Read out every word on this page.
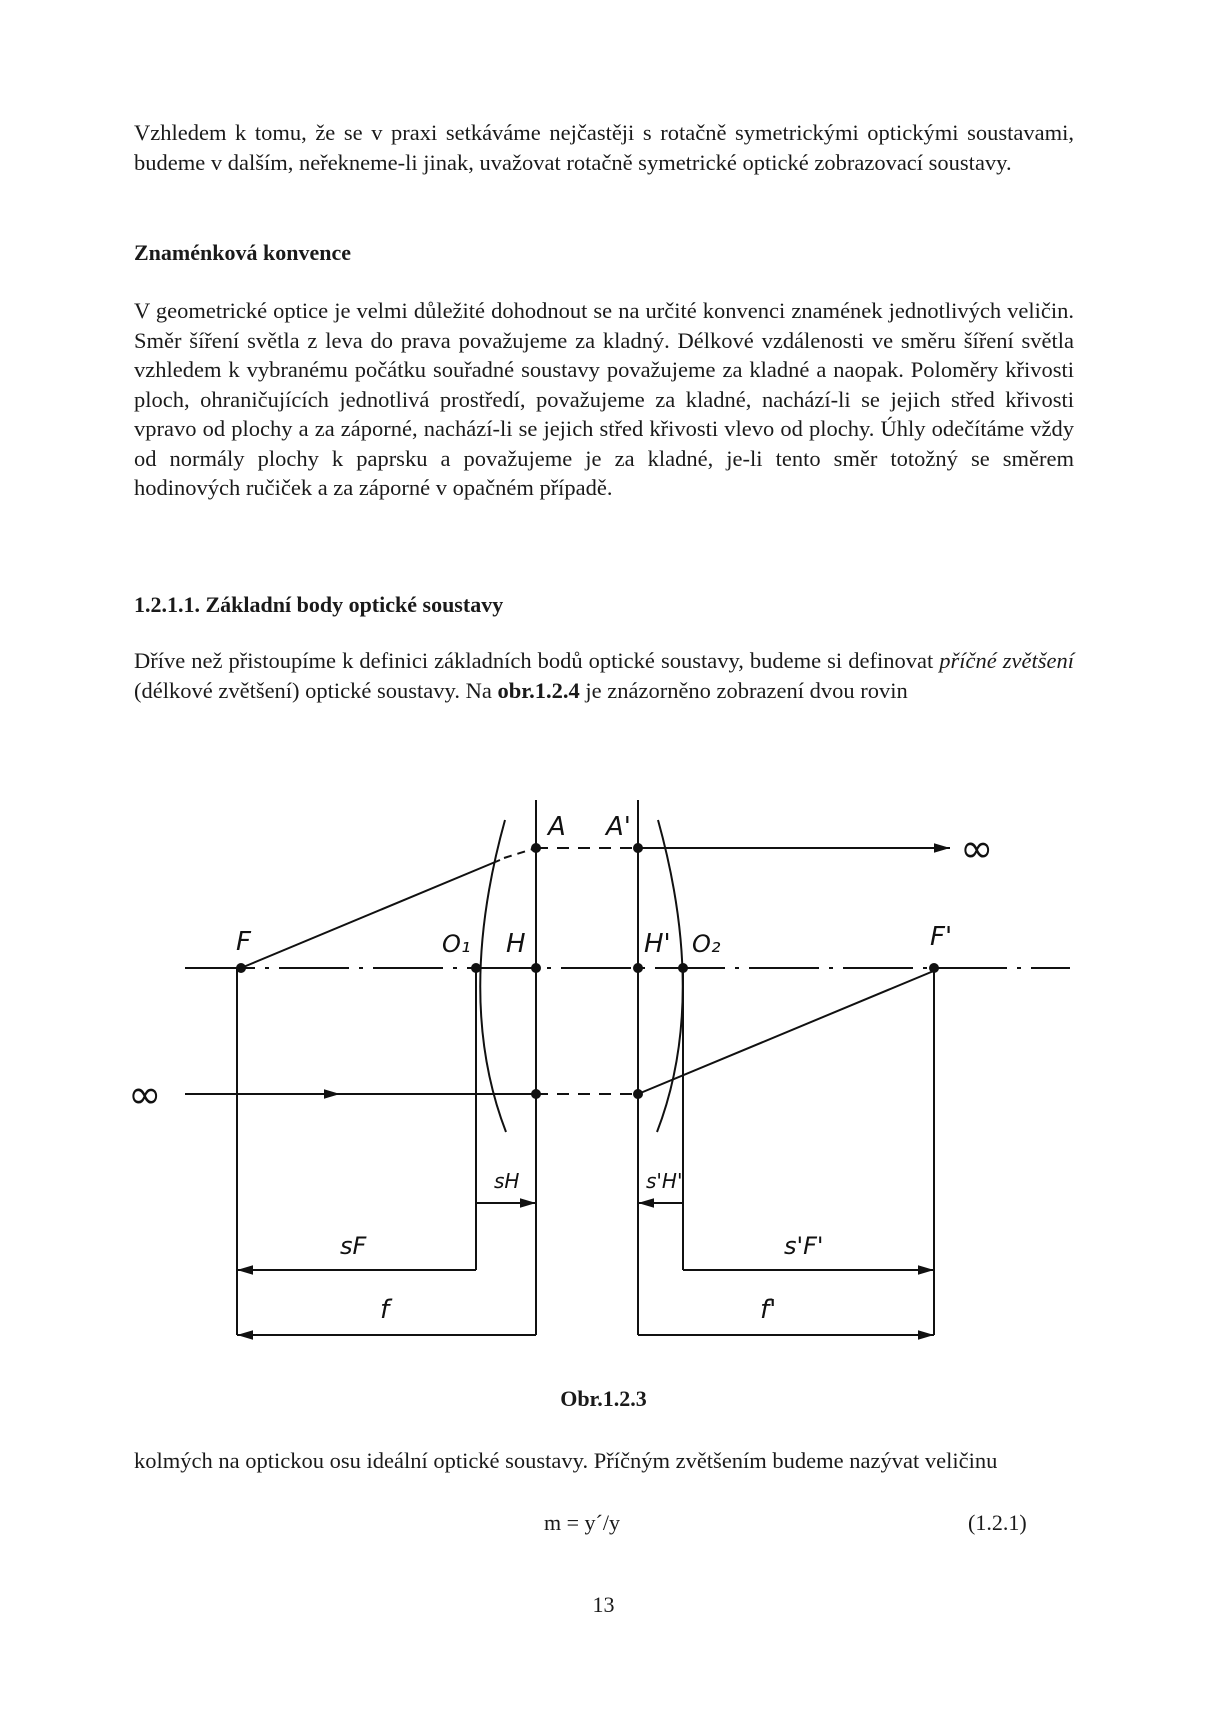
Vzhledem k tomu, že se v praxi setkáváme nejčastěji s rotačně symetrickými optickými soustavami, budeme v dalším, neřekneme-li jinak, uvažovat rotačně symetrické optické zobrazovací soustavy.

Znaménková konvence

V geometrické optice je velmi důležité dohodnout se na určité konvenci znamének jednotlivých veličin. Směr šíření světla z leva do prava považujeme za kladný. Délkové vzdálenosti ve směru šíření světla vzhledem k vybranému počátku souřadné soustavy považujeme za kladné a naopak. Poloměry křivosti ploch, ohraničujících jednotlivá prostředí, považujeme za kladné, nachází-li se jejich střed křivosti vpravo od plochy a za záporné, nachází-li se jejich střed křivosti vlevo od plochy. Úhly odečítáme vždy od normály plochy k paprsku a považujeme je za kladné, je-li tento směr totožný se směrem hodinových ručiček a za záporné v opačném případě.

1.2.1.1. Základní body optické soustavy

Dříve než přistoupíme k definici základních bodů optické soustavy, budeme si definovat příčné zvětšení (délkové zvětšení) optické soustavy. Na obr.1.2.4 je znázorněno zobrazení dvou rovin

A A'
F	O₁ H	H' O₂	F'
∞
∞
sH	s'H'
sF	s'F'
f	f'
Obr.1.2.3

kolmých na optickou osu ideální optické soustavy. Příčným zvětšením budeme nazývat veličinu

m = y´/y	(1.2.1)
13
